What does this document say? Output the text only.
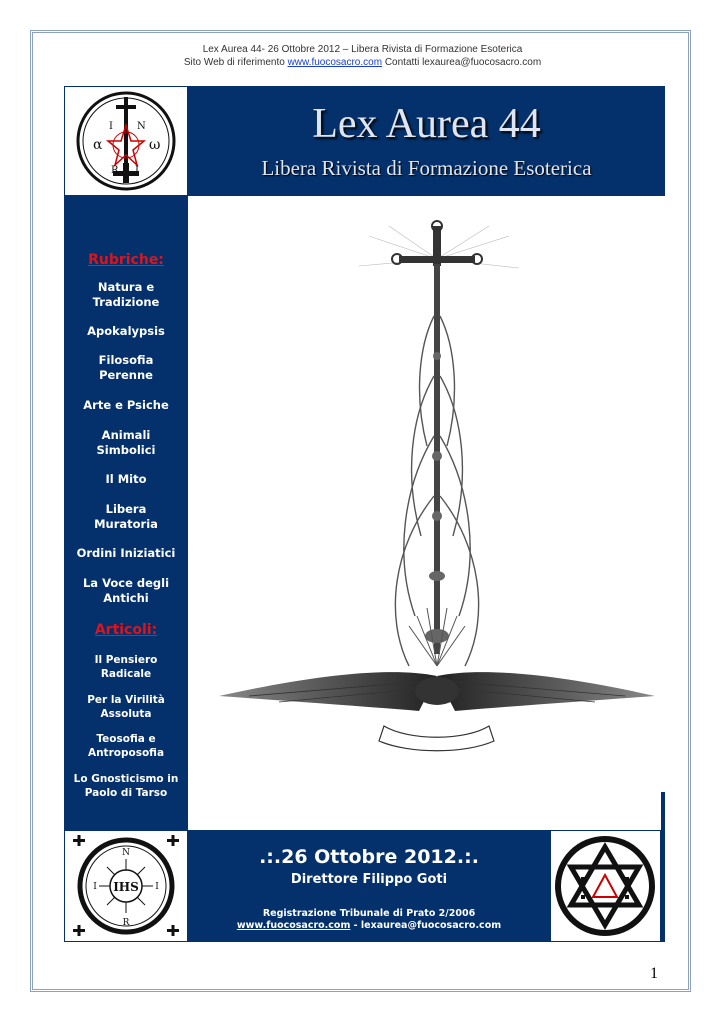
Lex Aurea 44- 26 Ottobre 2012 – Libera Rivista di Formazione Esoterica
Sito Web di riferimento www.fuocosacro.com Contatti lexaurea@fuocosacro.com
I N
R I
α	ω	Lex Aurea 44
Libera Rivista di Formazione Esoterica
Rubriche:
Natura e
Tradizione
Apokalypsis
Filosofia
Perenne
Arte e Psiche
Animali
Simbolici
Il Mito
Libera
Muratoria
Ordini Iniziatici
La Voce degli
Antichi
Articoli:
Il Pensiero
Radicale
Per la Virilità
Assoluta
Teosofia e
Antroposofia
Lo Gnosticismo in
Paolo di Tarso
IHS
N
I	I
R
.:.26 Ottobre 2012.:.
Direttore Filippo Goti
Registrazione Tribunale di Prato 2/2006
www.fuocosacro.com - lexaurea@fuocosacro.com
1
